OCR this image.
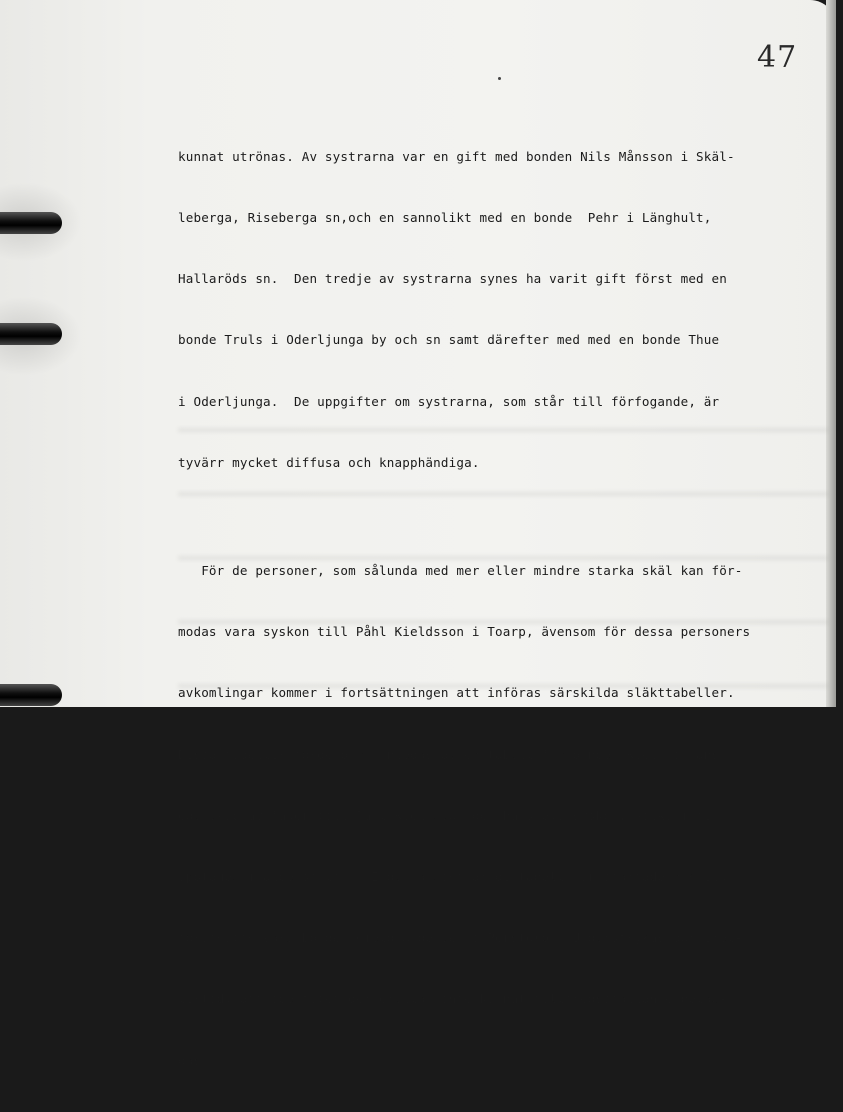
47

kunnat utrönas. Av systrarna var en gift med bonden Nils Månsson i Skäl-

leberga, Riseberga sn,och en sannolikt med en bonde  Pehr i Länghult,

Hallaröds sn.  Den tredje av systrarna synes ha varit gift först med en

bonde Truls i Oderljunga by och sn samt därefter med med en bonde Thue

i Oderljunga.  De uppgifter om systrarna, som står till förfogande, är

tyvärr mycket diffusa och knapphändiga.

För de personer, som sålunda med mer eller mindre starka skäl kan för-

modas vara syskon till Påhl Kieldsson i Toarp, ävensom för dessa personers

avkomlingar kommer i fortsättningen att införas särskilda släkttabeller.

Dessa tabeller torde bör  inledas av en tabell för bonden Kield i hans

egenskap av fader till Påhl Kieldsson och hans ev. syskon, vilka inte

upptages i åldersföljd.  I denna sistnämnde tabell har stamfadern Kield

förutsatts vara bonden Kield Andersen i Perstorp.  Understrykas bör emel-

lertid, att identitet dem emellan inte kunnat tillfredsställande beläg-

gas.
